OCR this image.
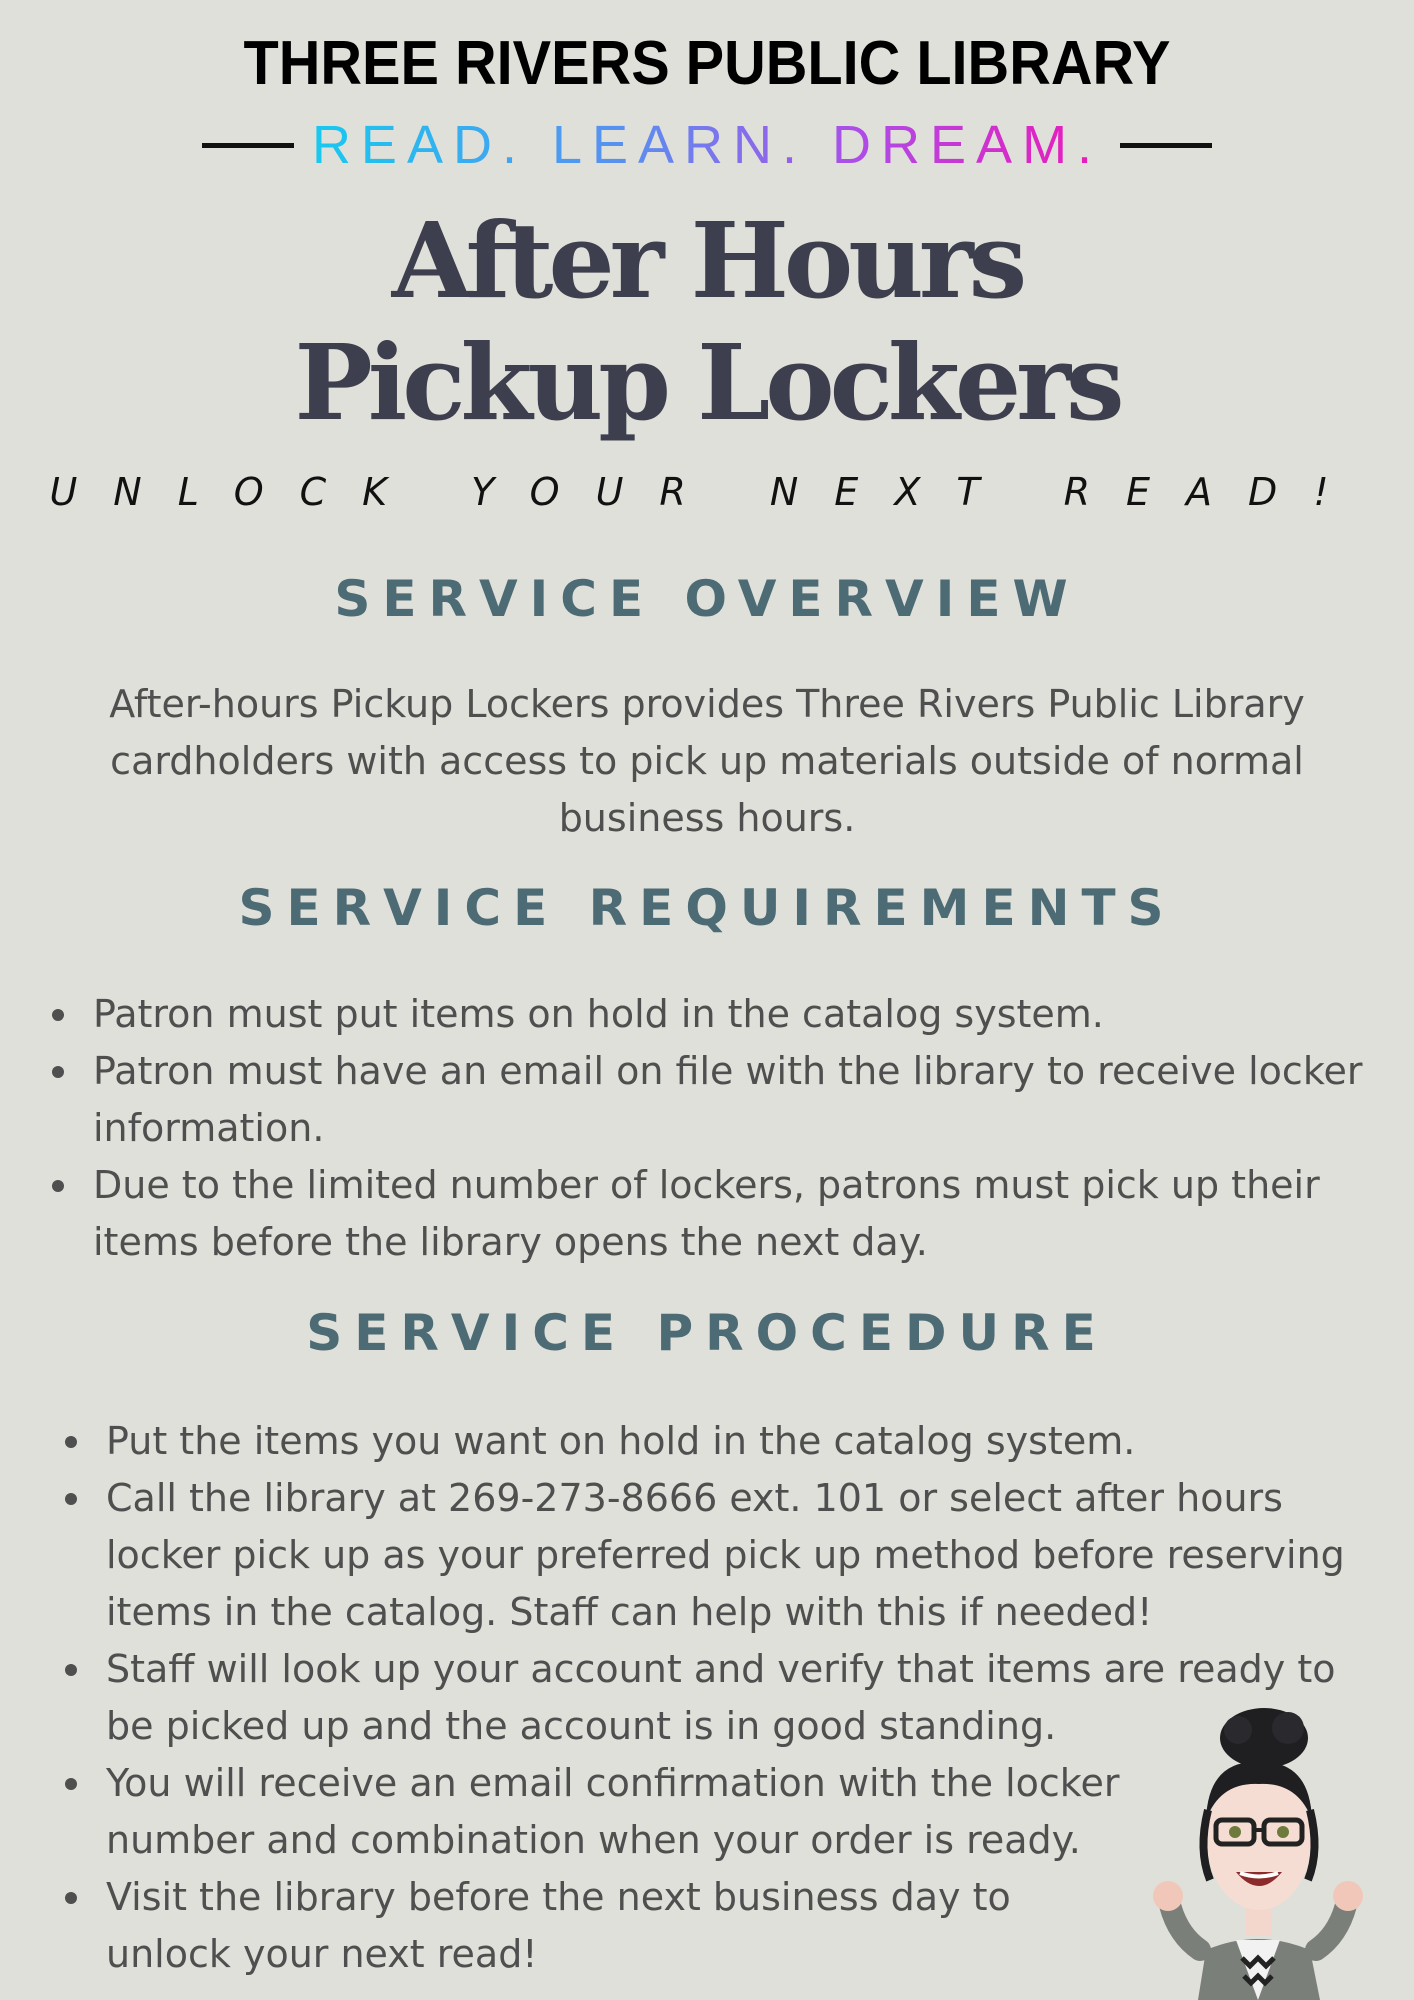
THREE RIVERS PUBLIC LIBRARY
READ. LEARN. DREAM.
After Hours
Pickup Lockers
UNLOCK YOUR NEXT READ!
SERVICE OVERVIEW
After-hours Pickup Lockers provides Three Rivers Public Library cardholders with access to pick up materials outside of normal business hours.
SERVICE REQUIREMENTS
Patron must put items on hold in the catalog system.
Patron must have an email on file with the library to receive locker information.
Due to the limited number of lockers, patrons must pick up their items before the library opens the next day.
SERVICE PROCEDURE
Put the items you want on hold in the catalog system.
Call the library at 269-273-8666 ext. 101 or select after hours locker pick up as your preferred pick up method before reserving items in the catalog. Staff can help with this if needed!
Staff will look up your account and verify that items are ready to be picked up and the account is in good standing.
You will receive an email confirmation with the locker number and combination when your order is ready.
Visit the library before the next business day to unlock your next read!
